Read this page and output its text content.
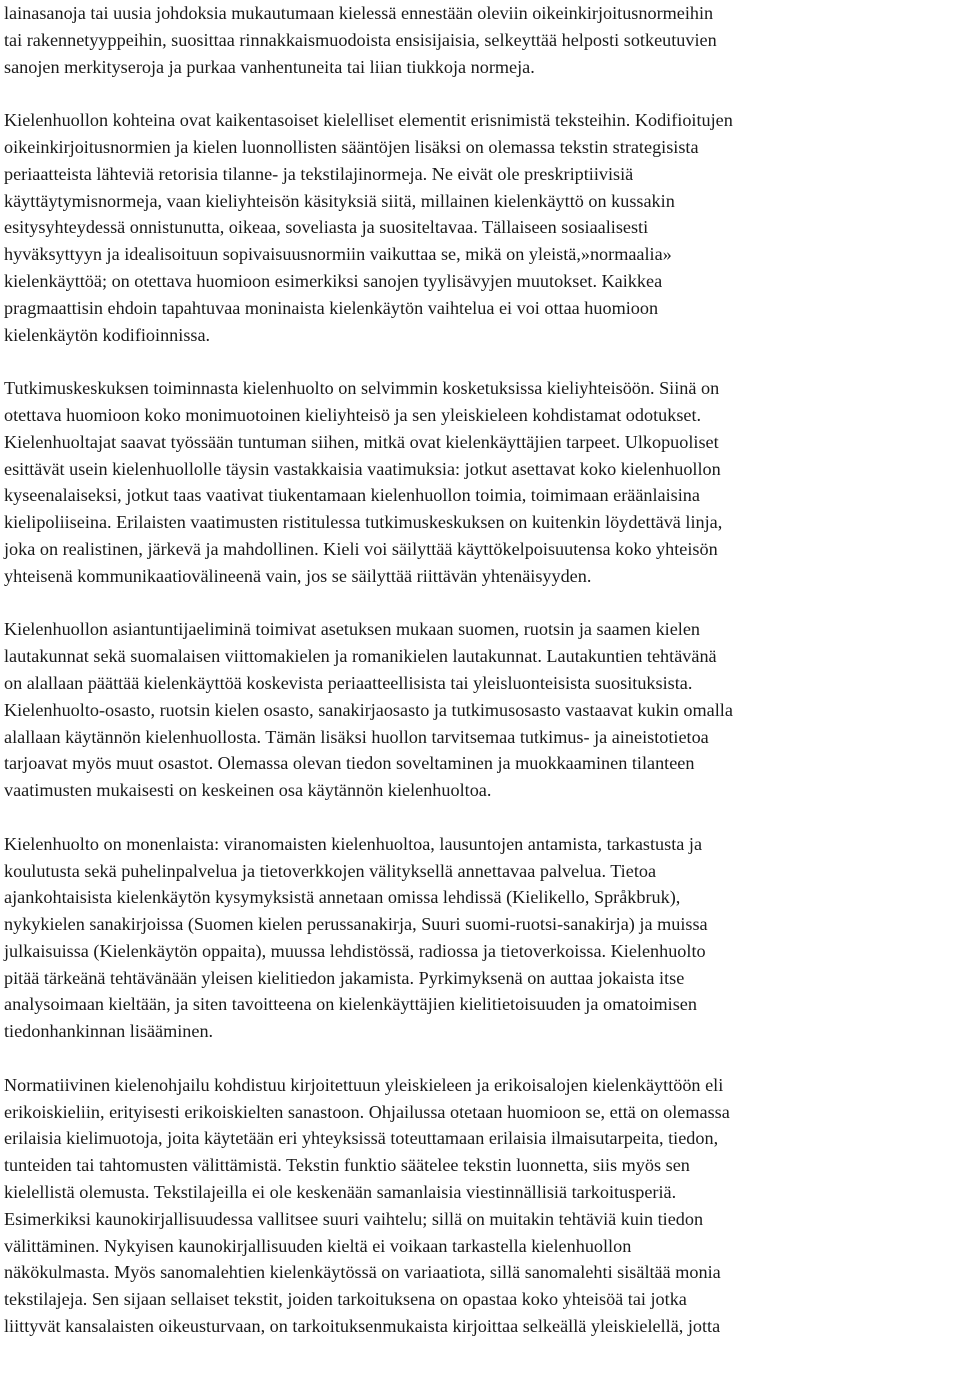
lainasanoja tai uusia johdoksia mukautumaan kielessä ennestään oleviin oikeinkirjoitusnormeihin
tai rakennetyyppeihin, suosittaa rinnakkaismuodoista ensisijaisia, selkeyttää helposti sotkeutuvien
sanojen merkityseroja ja purkaa vanhentuneita tai liian tiukkoja normeja.

Kielenhuollon kohteina ovat kaikentasoiset kielelliset elementit erisnimistä teksteihin. Kodifioitujen
oikeinkirjoitusnormien ja kielen luonnollisten sääntöjen lisäksi on olemassa tekstin strategisista
periaatteista lähteviä retorisia tilanne- ja tekstilajinormeja. Ne eivät ole preskriptiivisiä
käyttäytymisnormeja, vaan kieliyhteisön käsityksiä siitä, millainen kielenkäyttö on kussakin
esitysyhteydessä onnistunutta, oikeaa, soveliasta ja suositeltavaa. Tällaiseen sosiaalisesti
hyväksyttyyn ja idealisoituun sopivaisuusnormiin vaikuttaa se, mikä on yleistä,»normaalia»
kielenkäyttöä; on otettava huomioon esimerkiksi sanojen tyylisävyjen muutokset. Kaikkea
pragmaattisin ehdoin tapahtuvaa moninaista kielenkäytön vaihtelua ei voi ottaa huomioon
kielenkäytön kodifioinnissa.

Tutkimuskeskuksen toiminnasta kielenhuolto on selvimmin kosketuksissa kieliyhteisöön. Siinä on
otettava huomioon koko monimuotoinen kieliyhteisö ja sen yleiskieleen kohdistamat odotukset.
Kielenhuoltajat saavat työssään tuntuman siihen, mitkä ovat kielenkäyttäjien tarpeet. Ulkopuoliset
esittävät usein kielenhuollolle täysin vastakkaisia vaatimuksia: jotkut asettavat koko kielenhuollon
kyseenalaiseksi, jotkut taas vaativat tiukentamaan kielenhuollon toimia, toimimaan eräänlaisina
kielipoliiseina. Erilaisten vaatimusten ristitulessa tutkimuskeskuksen on kuitenkin löydettävä linja,
joka on realistinen, järkevä ja mahdollinen. Kieli voi säilyttää käyttökelpoisuutensa koko yhteisön
yhteisenä kommunikaatiovälineenä vain, jos se säilyttää riittävän yhtenäisyyden.

Kielenhuollon asiantuntijaeliminä toimivat asetuksen mukaan suomen, ruotsin ja saamen kielen
lautakunnat sekä suomalaisen viittomakielen ja romanikielen lautakunnat. Lautakuntien tehtävänä
on alallaan päättää kielenkäyttöä koskevista periaatteellisista tai yleisluonteisista suosituksista.
Kielenhuolto-osasto, ruotsin kielen osasto, sanakirjaosasto ja tutkimusosasto vastaavat kukin omalla
alallaan käytännön kielenhuollosta. Tämän lisäksi huollon tarvitsemaa tutkimus- ja aineistotietoa
tarjoavat myös muut osastot. Olemassa olevan tiedon soveltaminen ja muokkaaminen tilanteen
vaatimusten mukaisesti on keskeinen osa käytännön kielenhuoltoa.

Kielenhuolto on monenlaista: viranomaisten kielenhuoltoa, lausuntojen antamista, tarkastusta ja
koulutusta sekä puhelinpalvelua ja tietoverkkojen välityksellä annettavaa palvelua. Tietoa
ajankohtaisista kielenkäytön kysymyksistä annetaan omissa lehdissä (Kielikello, Språkbruk),
nykykielen sanakirjoissa (Suomen kielen perussanakirja, Suuri suomi-ruotsi-sanakirja) ja muissa
julkaisuissa (Kielenkäytön oppaita), muussa lehdistössä, radiossa ja tietoverkoissa. Kielenhuolto
pitää tärkeänä tehtävänään yleisen kielitiedon jakamista. Pyrkimyksenä on auttaa jokaista itse
analysoimaan kieltään, ja siten tavoitteena on kielenkäyttäjien kielitietoisuuden ja omatoimisen
tiedonhankinnan lisääminen.

Normatiivinen kielenohjailu kohdistuu kirjoitettuun yleiskieleen ja erikoisalojen kielenkäyttöön eli
erikoiskieliin, erityisesti erikoiskielten sanastoon. Ohjailussa otetaan huomioon se, että on olemassa
erilaisia kielimuotoja, joita käytetään eri yhteyksissä toteuttamaan erilaisia ilmaisutarpeita, tiedon,
tunteiden tai tahtomusten välittämistä. Tekstin funktio säätelee tekstin luonnetta, siis myös sen
kielellistä olemusta. Tekstilajeilla ei ole keskenään samanlaisia viestinnällisiä tarkoitusperiä.
Esimerkiksi kaunokirjallisuudessa vallitsee suuri vaihtelu; sillä on muitakin tehtäviä kuin tiedon
välittäminen. Nykyisen kaunokirjallisuuden kieltä ei voikaan tarkastella kielenhuollon
näkökulmasta. Myös sanomalehtien kielenkäytössä on variaatiota, sillä sanomalehti sisältää monia
tekstilajeja. Sen sijaan sellaiset tekstit, joiden tarkoituksena on opastaa koko yhteisöä tai jotka
liittyvät kansalaisten oikeusturvaan, on tarkoituksenmukaista kirjoittaa selkeällä yleiskielellä, jotta
